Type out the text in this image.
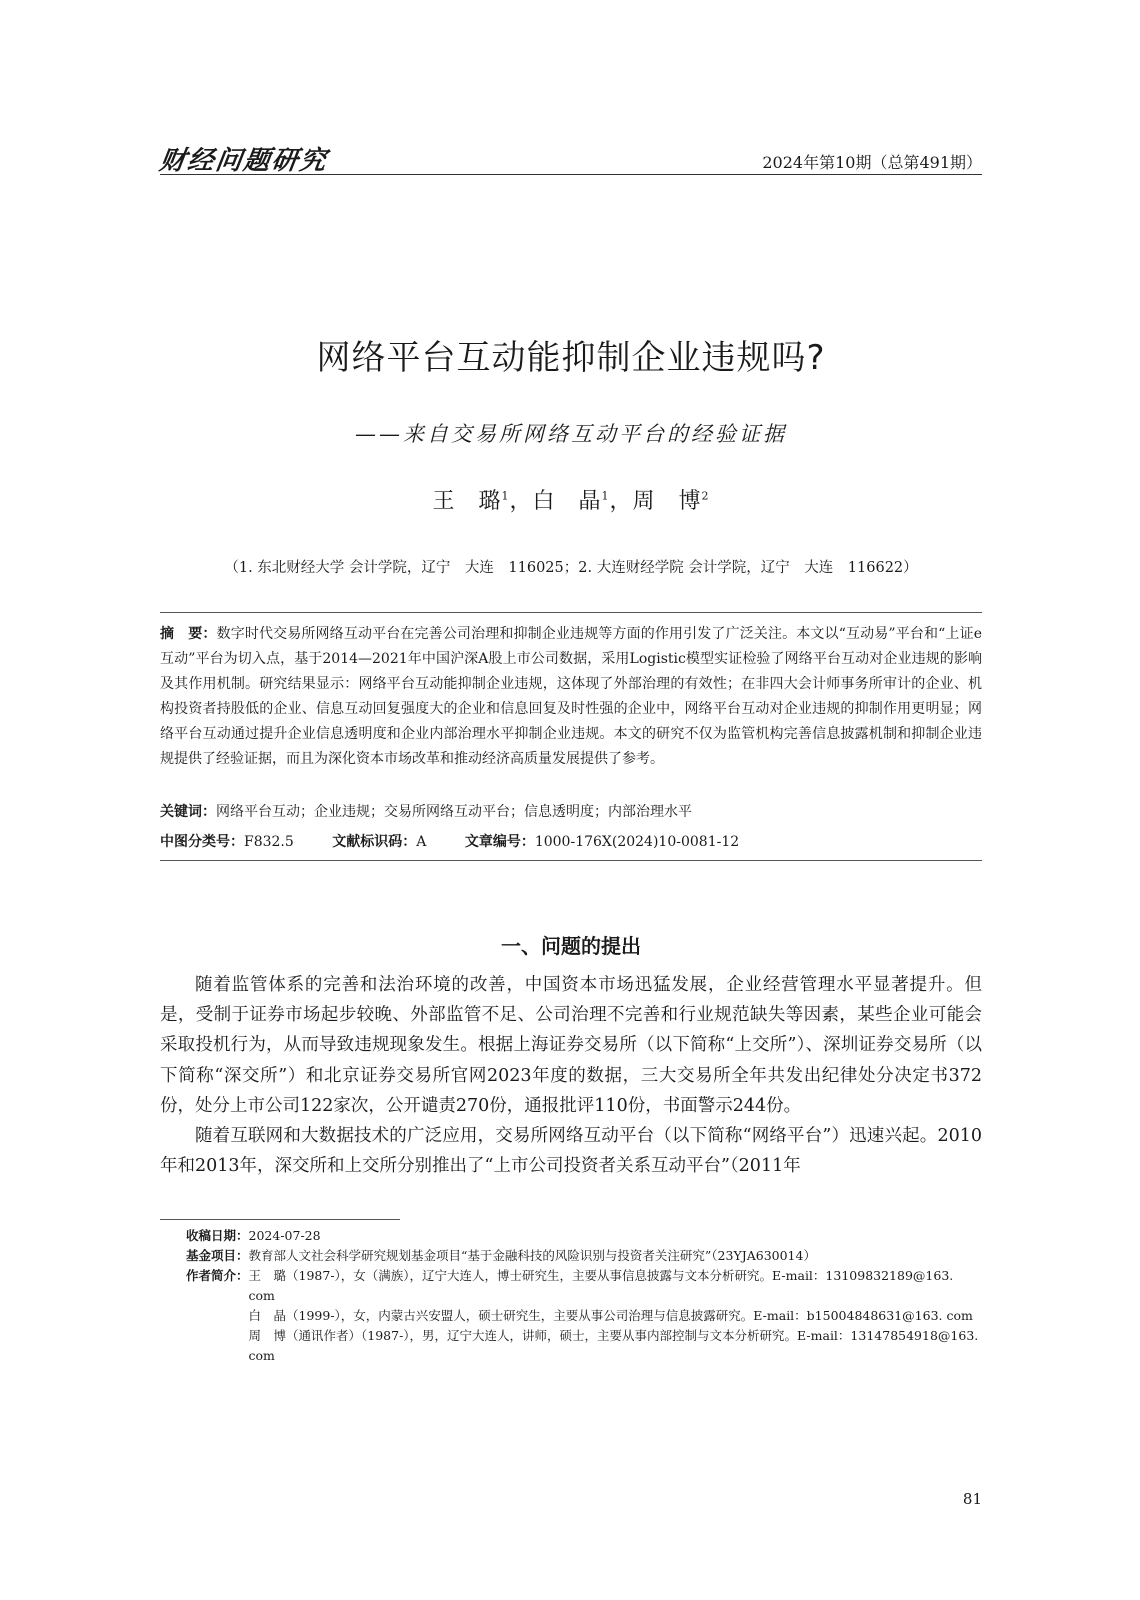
财经问题研究	2024年第10期（总第491期）
网络平台互动能抑制企业违规吗?
——来自交易所网络互动平台的经验证据
王　璐$^1$，白　晶$^1$，周　博$^2$
（1. 东北财经大学 会计学院，辽宁　大连　116025；2. 大连财经学院 会计学院，辽宁　大连　116622）
摘　要：数字时代交易所网络互动平台在完善公司治理和抑制企业违规等方面的作用引发了广泛关注。本文以“互动易”平台和“上证e互动”平台为切入点，基于2014—2021年中国沪深A股上市公司数据，采用Logistic模型实证检验了网络平台互动对企业违规的影响及其作用机制。研究结果显示：网络平台互动能抑制企业违规，这体现了外部治理的有效性；在非四大会计师事务所审计的企业、机构投资者持股低的企业、信息互动回复强度大的企业和信息回复及时性强的企业中，网络平台互动对企业违规的抑制作用更明显；网络平台互动通过提升企业信息透明度和企业内部治理水平抑制企业违规。本文的研究不仅为监管机构完善信息披露机制和抑制企业违规提供了经验证据，而且为深化资本市场改革和推动经济高质量发展提供了参考。
关键词：网络平台互动；企业违规；交易所网络互动平台；信息透明度；内部治理水平
中图分类号：F832.5	文献标识码：A	文章编号：1000-176X(2024)10-0081-12
一、问题的提出

随着监管体系的完善和法治环境的改善，中国资本市场迅猛发展，企业经营管理水平显著提升。但是，受制于证券市场起步较晚、外部监管不足、公司治理不完善和行业规范缺失等因素，某些企业可能会采取投机行为，从而导致违规现象发生。根据上海证券交易所（以下简称“上交所”）、深圳证券交易所（以下简称“深交所”）和北京证券交易所官网2023年度的数据，三大交易所全年共发出纪律处分决定书372份，处分上市公司122家次，公开谴责270份，通报批评110份，书面警示244份。

随着互联网和大数据技术的广泛应用，交易所网络互动平台（以下简称“网络平台”）迅速兴起。2010年和2013年，深交所和上交所分别推出了“上市公司投资者关系互动平台”（2011年

收稿日期： 2024-07-28
基金项目： 教育部人文社会科学研究规划基金项目“基于金融科技的风险识别与投资者关注研究”（23YJA630014）
作者简介： 王　璐（1987-），女（满族），辽宁大连人，博士研究生，主要从事信息披露与文本分析研究。E-mail：13109832189@163. com
白　晶（1999-），女，内蒙古兴安盟人，硕士研究生，主要从事公司治理与信息披露研究。E-mail：b15004848631@163. com
周　博（通讯作者）（1987-），男，辽宁大连人，讲师，硕士，主要从事内部控制与文本分析研究。E-mail：13147854918@163. com
81
